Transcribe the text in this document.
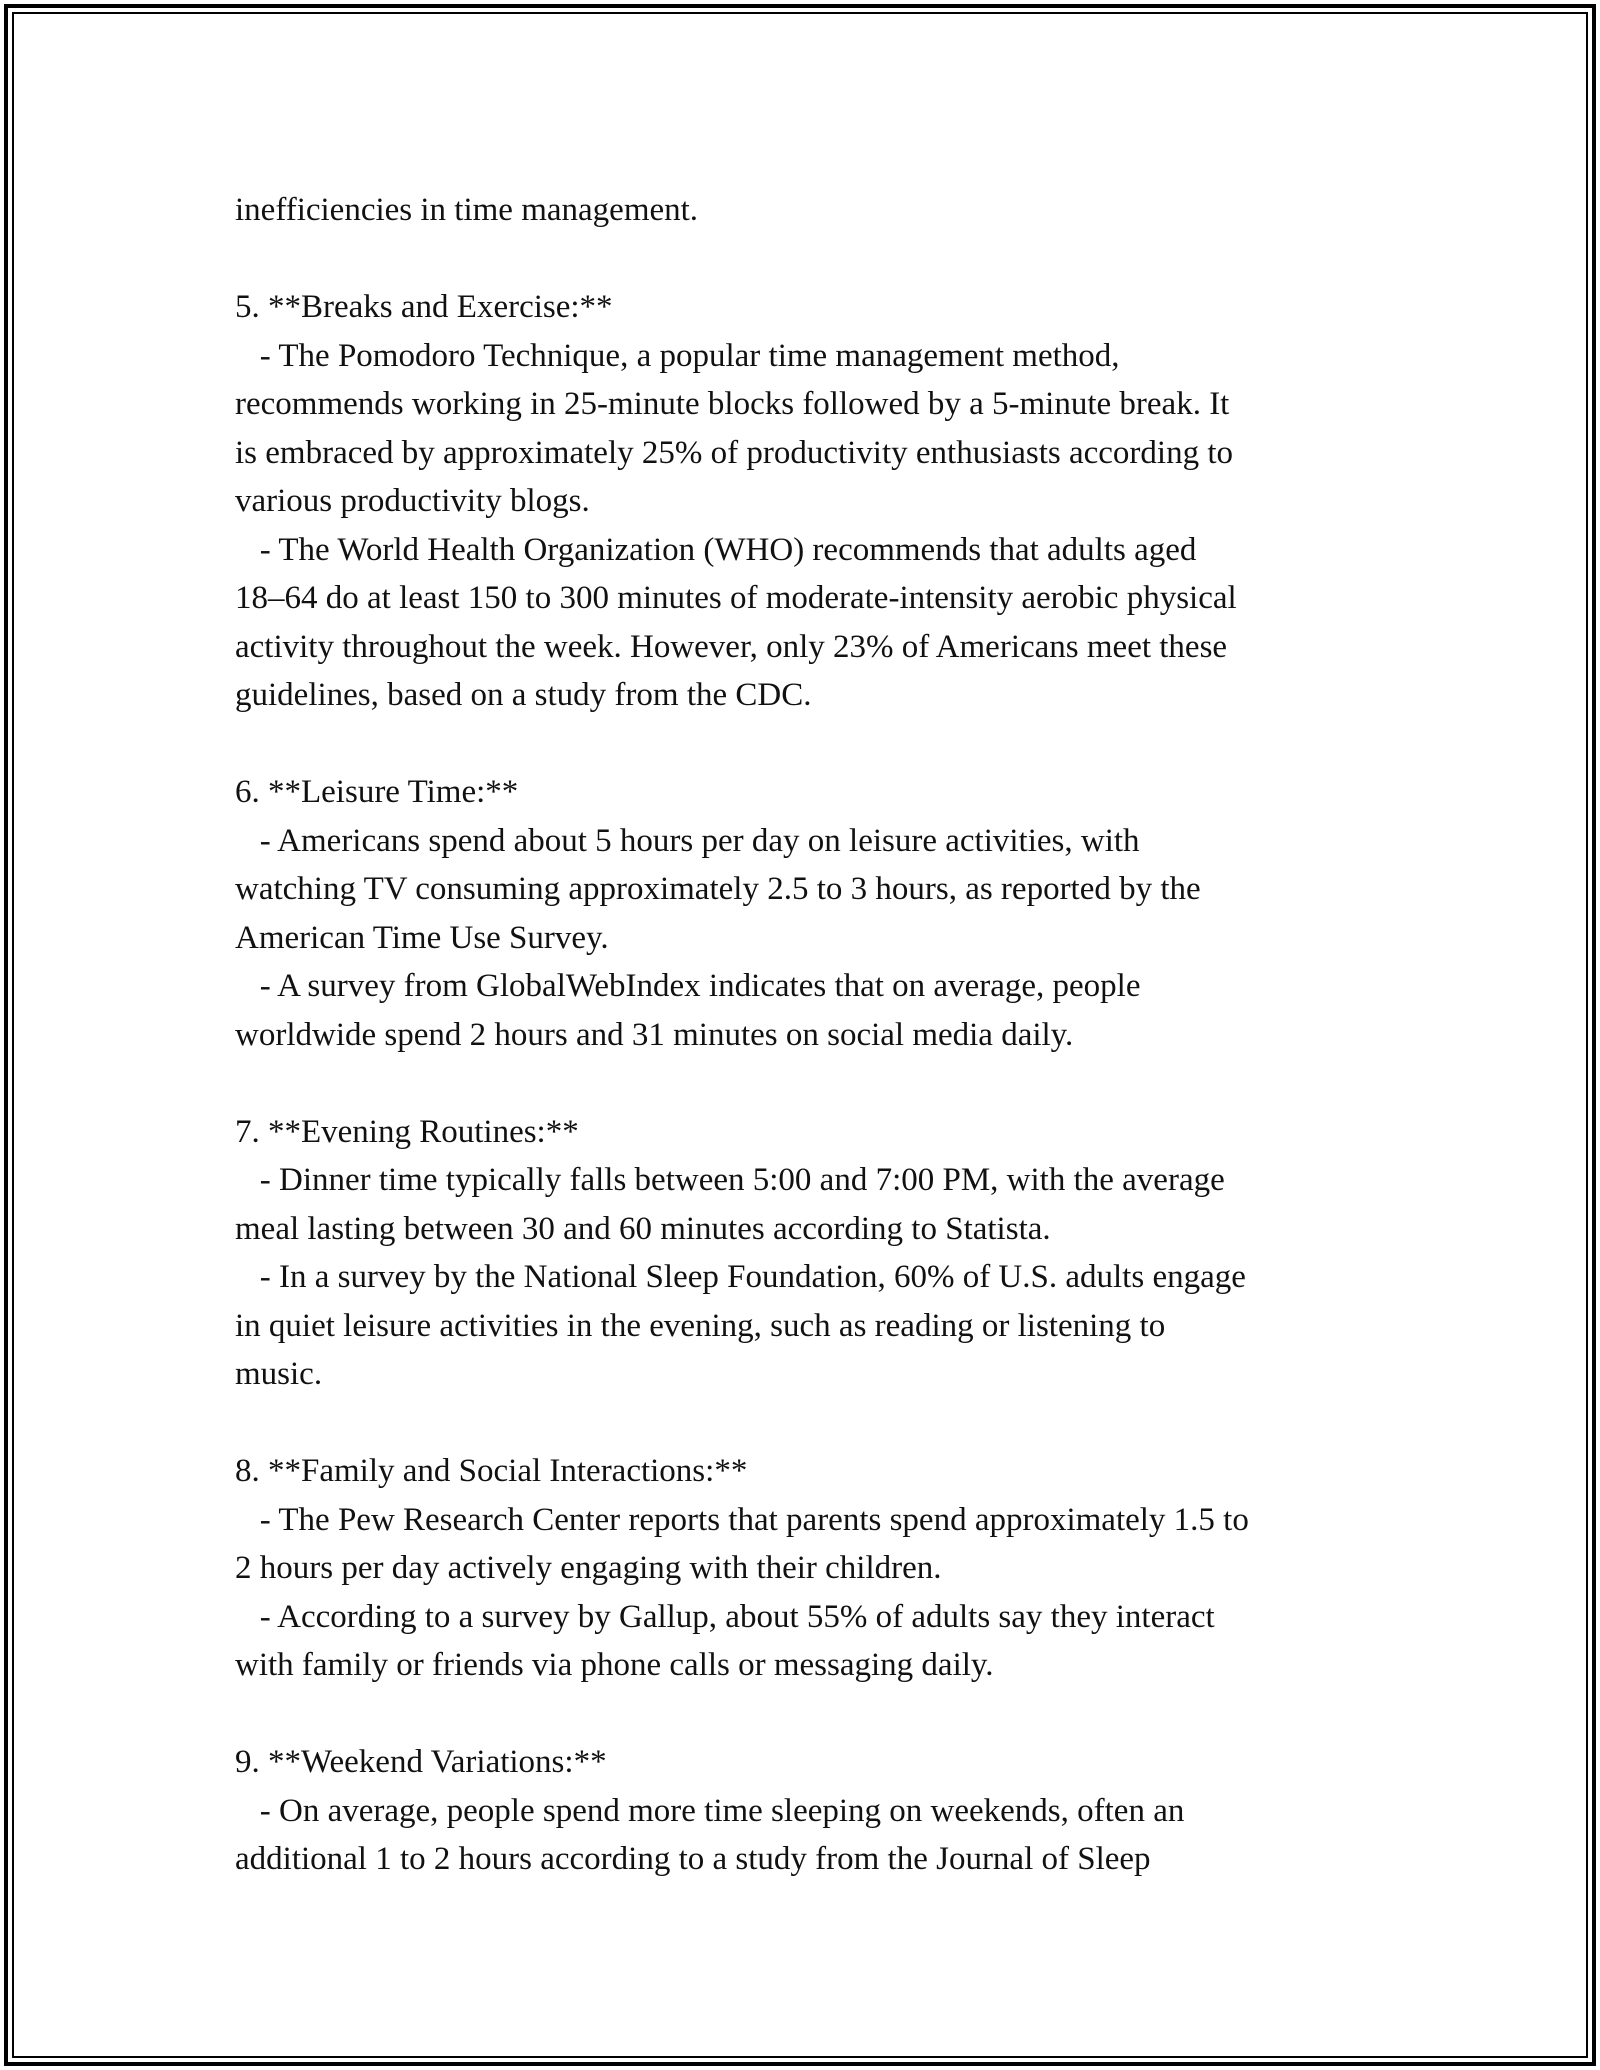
inefficiencies in time management.
5. **Breaks and Exercise:**
- The Pomodoro Technique, a popular time management method,
recommends working in 25-minute blocks followed by a 5-minute break. It
is embraced by approximately 25% of productivity enthusiasts according to
various productivity blogs.
- The World Health Organization (WHO) recommends that adults aged
18–64 do at least 150 to 300 minutes of moderate-intensity aerobic physical
activity throughout the week. However, only 23% of Americans meet these
guidelines, based on a study from the CDC.
6. **Leisure Time:**
- Americans spend about 5 hours per day on leisure activities, with
watching TV consuming approximately 2.5 to 3 hours, as reported by the
American Time Use Survey.
- A survey from GlobalWebIndex indicates that on average, people
worldwide spend 2 hours and 31 minutes on social media daily.
7. **Evening Routines:**
- Dinner time typically falls between 5:00 and 7:00 PM, with the average
meal lasting between 30 and 60 minutes according to Statista.
- In a survey by the National Sleep Foundation, 60% of U.S. adults engage
in quiet leisure activities in the evening, such as reading or listening to
music.
8. **Family and Social Interactions:**
- The Pew Research Center reports that parents spend approximately 1.5 to
2 hours per day actively engaging with their children.
- According to a survey by Gallup, about 55% of adults say they interact
with family or friends via phone calls or messaging daily.
9. **Weekend Variations:**
- On average, people spend more time sleeping on weekends, often an
additional 1 to 2 hours according to a study from the Journal of Sleep
